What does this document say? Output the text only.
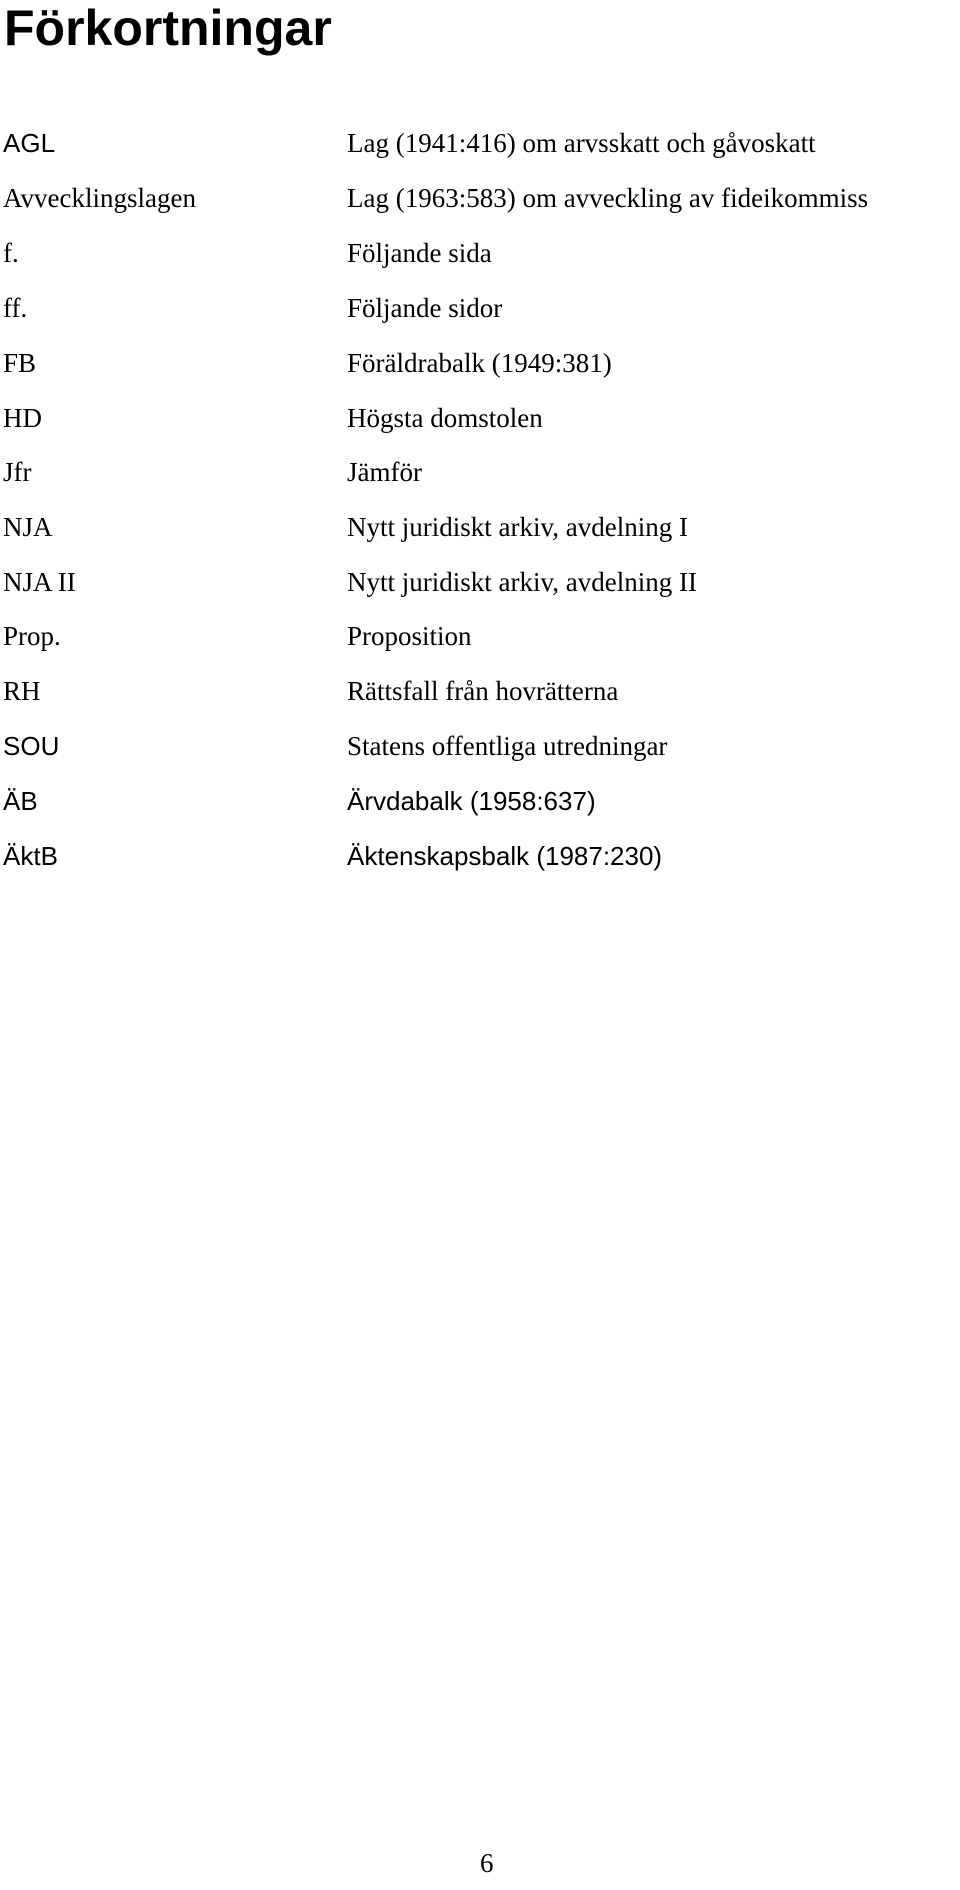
Förkortningar
AGL	Lag (1941:416) om arvsskatt och gåvoskatt
Avvecklingslagen	Lag (1963:583) om avveckling av fideikommiss
f.	Följande sida
ff.	Följande sidor
FB	Föräldrabalk (1949:381)
HD	Högsta domstolen
Jfr	Jämför
NJA	Nytt juridiskt arkiv, avdelning I
NJA II	Nytt juridiskt arkiv, avdelning II
Prop.	Proposition
RH	Rättsfall från hovrätterna
SOU	Statens offentliga utredningar
ÄB	Ärvdabalk (1958:637)
ÄktB	Äktenskapsbalk (1987:230)
6
